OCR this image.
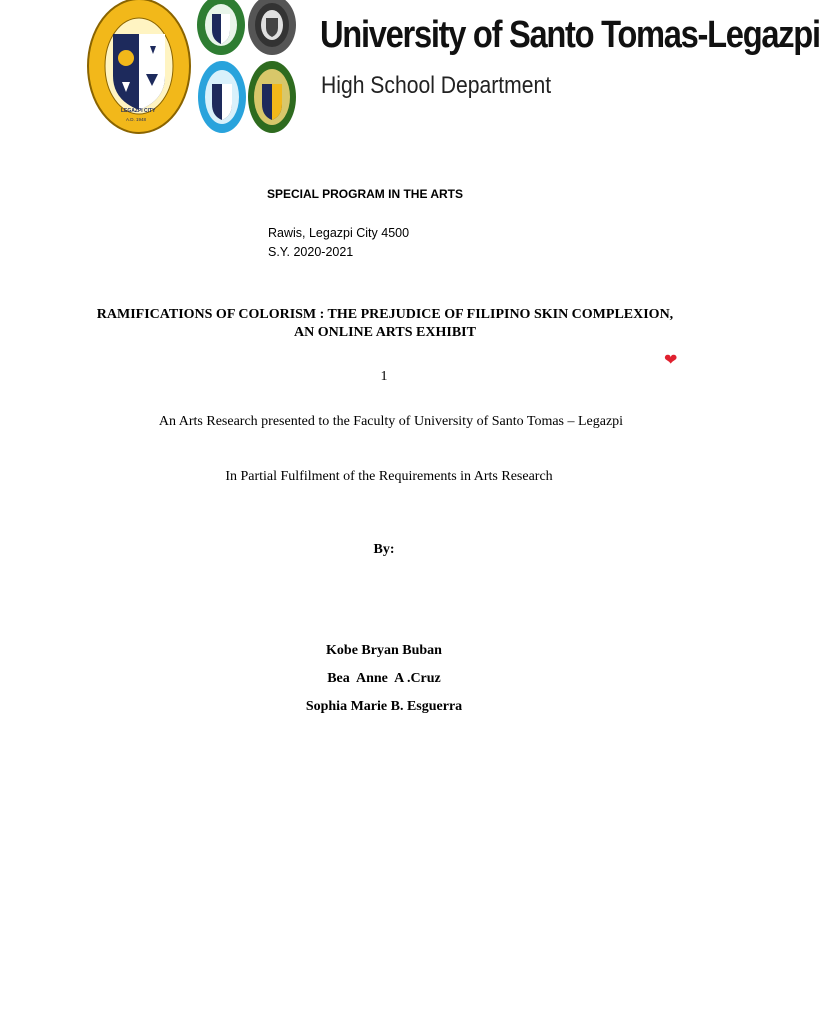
LEGAZPI CITY
A.D. 1948
University of Santo Tomas-Legazpi
High School Department
SPECIAL PROGRAM IN THE ARTS
Rawis, Legazpi City 4500
S.Y. 2020-2021
RAMIFICATIONS OF COLORISM : THE PREJUDICE OF FILIPINO SKIN COMPLEXION,
AN ONLINE ARTS EXHIBIT
❤
1
An Arts Research presented to the Faculty of University of Santo Tomas – Legazpi
In Partial Fulfilment of the Requirements in Arts Research
By:
Kobe Bryan Buban
Bea  Anne  A .Cruz
Sophia Marie B. Esguerra
